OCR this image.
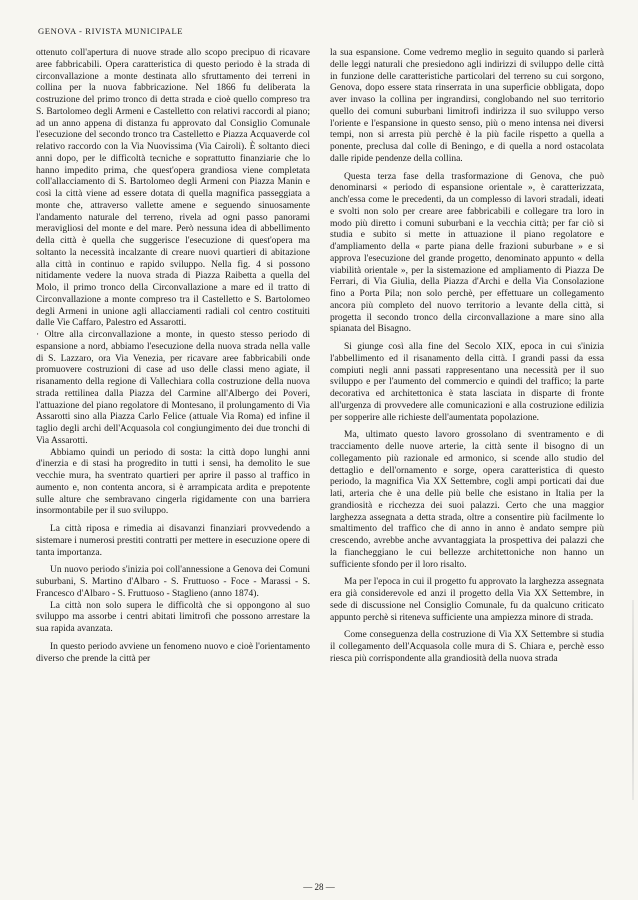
GENOVA - RIVISTA MUNICIPALE

ottenuto coll'apertura di nuove strade allo scopo precipuo di ricavare aree fabbricabili. Opera caratteristica di questo periodo è la strada di circonvallazione a monte destinata allo sfruttamento dei terreni in collina per la nuova fabbricazione. Nel 1866 fu deliberata la costruzione del primo tronco di detta strada e cioè quello compreso tra S. Bartolomeo degli Armeni e Castelletto con relativi raccordi al piano; ad un anno appena di distanza fu approvato dal Consiglio Comunale l'esecuzione del secondo tronco tra Castelletto e Piazza Acquaverde col relativo raccordo con la Via Nuovissima (Via Cairoli). È soltanto dieci anni dopo, per le difficoltà tecniche e soprattutto finanziarie che lo hanno impedito prima, che quest'opera grandiosa viene completata coll'allacciamento di S. Bartolomeo degli Armeni con Piazza Manin e così la città viene ad essere dotata di quella magnifica passeggiata a monte che, attraverso vallette amene e seguendo sinuosamente l'andamento naturale del terreno, rivela ad ogni passo panorami meravigliosi del monte e del mare. Però nessuna idea di abbellimento della città è quella che suggerisce l'esecuzione di quest'opera ma soltanto la necessità incalzante di creare nuovi quartieri di abitazione alla città in continuo e rapido sviluppo. Nella fig. 4 si possono nitidamente vedere la nuova strada di Piazza Raibetta a quella del Molo, il primo tronco della Circonvallazione a mare ed il tratto di Circonvallazione a monte compreso tra il Castelletto e S. Bartolomeo degli Armeni in unione agli allacciamenti radiali col centro costituiti dalle Vie Caffaro, Palestro ed Assarotti.

· Oltre alla circonvallazione a monte, in questo stesso periodo di espansione a nord, abbiamo l'esecuzione della nuova strada nella valle di S. Lazzaro, ora Via Venezia, per ricavare aree fabbricabili onde promuovere costruzioni di case ad uso delle classi meno agiate, il risanamento della regione di Vallechiara colla costruzione della nuova strada rettilinea dalla Piazza del Carmine all'Albergo dei Poveri, l'attuazione del piano regolatore di Montesano, il prolungamento di Via Assarotti sino alla Piazza Carlo Felice (attuale Via Roma) ed infine il taglio degli archi dell'Acquasola col congiungimento dei due tronchi di Via Assarotti.

Abbiamo quindi un periodo di sosta: la città dopo lunghi anni d'inerzia e di stasi ha progredito in tutti i sensi, ha demolito le sue vecchie mura, ha sventrato quartieri per aprire il passo al traffico in aumento e, non contenta ancora, si è arrampicata ardita e prepotente sulle alture che sembravano cingerla rigidamente con una barriera insormontabile per il suo sviluppo.

La città riposa e rimedia ai disavanzi finanziari provvedendo a sistemare i numerosi prestiti contratti per mettere in esecuzione opere di tanta importanza.

Un nuovo periodo s'inizia poi coll'annessione a Genova dei Comuni suburbani, S. Martino d'Albaro - S. Fruttuoso - Foce - Marassi - S. Francesco d'Albaro - S. Fruttuoso - Staglieno (anno 1874).

La città non solo supera le difficoltà che si oppongono al suo sviluppo ma assorbe i centri abitati limitrofi che possono arrestare la sua rapida avanzata.

In questo periodo avviene un fenomeno nuovo e cioè l'orientamento diverso che prende la città per

la sua espansione. Come vedremo meglio in seguito quando si parlerà delle leggi naturali che presiedono agli indirizzi di sviluppo delle città in funzione delle caratteristiche particolari del terreno su cui sorgono, Genova, dopo essere stata rinserrata in una superficie obbligata, dopo aver invaso la collina per ingrandirsi, conglobando nel suo territorio quello dei comuni suburbani limitrofi indirizza il suo sviluppo verso l'oriente e l'espansione in questo senso, più o meno intensa nei diversi tempi, non si arresta più perchè è la più facile rispetto a quella a ponente, preclusa dal colle di Beningo, e di quella a nord ostacolata dalle ripide pendenze della collina.

Questa terza fase della trasformazione di Genova, che può denominarsi « periodo di espansione orientale », è caratterizzata, anch'essa come le precedenti, da un complesso di lavori stradali, ideati e svolti non solo per creare aree fabbricabili e collegare tra loro in modo più diretto i comuni suburbani e la vecchia città; per far ciò si studia e subito si mette in attuazione il piano regolatore e d'ampliamento della « parte piana delle frazioni suburbane » e si approva l'esecuzione del grande progetto, denominato appunto « della viabilità orientale », per la sistemazione ed ampliamento di Piazza De Ferrari, di Via Giulia, della Piazza d'Archi e della Via Consolazione fino a Porta Pila; non solo perchè, per effettuare un collegamento ancora più completo del nuovo territorio a levante della città, si progetta il secondo tronco della circonvallazione a mare sino alla spianata del Bisagno.

Si giunge così alla fine del Secolo XIX, epoca in cui s'inizia l'abbellimento ed il risanamento della città. I grandi passi da essa compiuti negli anni passati rappresentano una necessità per il suo sviluppo e per l'aumento del commercio e quindi del traffico; la parte decorativa ed architettonica è stata lasciata in disparte di fronte all'urgenza di provvedere alle comunicazioni e alla costruzione edilizia per sopperire alle richieste dell'aumentata popolazione.

Ma, ultimato questo lavoro grossolano di sventramento e di tracciamento delle nuove arterie, la città sente il bisogno di un collegamento più razionale ed armonico, si scende allo studio del dettaglio e dell'ornamento e sorge, opera caratteristica di questo periodo, la magnifica Via XX Settembre, cogli ampi porticati dai due lati, arteria che è una delle più belle che esistano in Italia per la grandiosità e ricchezza dei suoi palazzi. Certo che una maggior larghezza assegnata a detta strada, oltre a consentire più facilmente lo smaltimento del traffico che di anno in anno è andato sempre più crescendo, avrebbe anche avvantaggiata la prospettiva dei palazzi che la fiancheggiano le cui bellezze architettoniche non hanno un sufficiente sfondo per il loro risalto.

Ma per l'epoca in cui il progetto fu approvato la larghezza assegnata era già considerevole ed anzi il progetto della Via XX Settembre, in sede di discussione nel Consiglio Comunale, fu da qualcuno criticato appunto perchè si riteneva sufficiente una ampiezza minore di strada.

Come conseguenza della costruzione di Via XX Settembre si studia il collegamento dell'Acquasola colle mura di S. Chiara e, perchè esso riesca più corrispondente alla grandiosità della nuova strada

— 28 —
